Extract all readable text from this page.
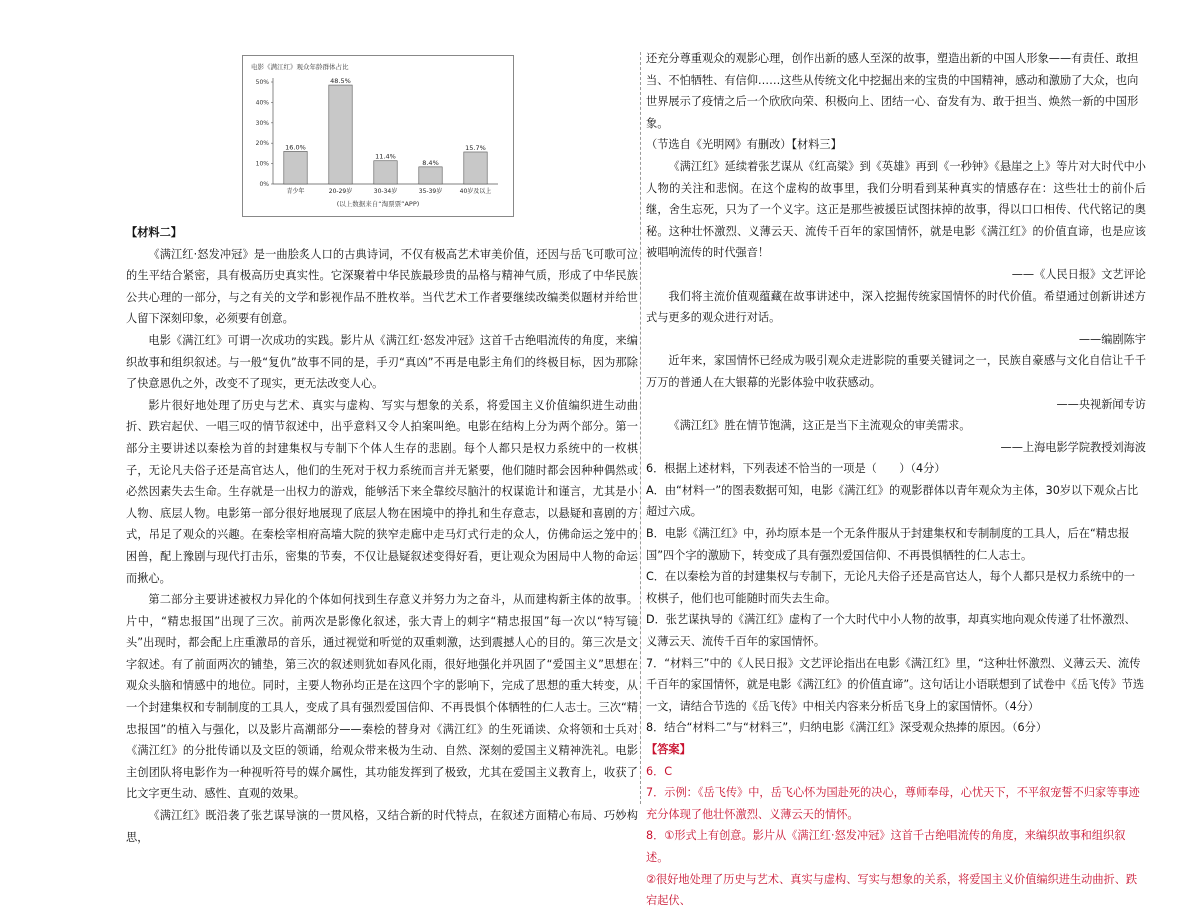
电影《满江红》观众年龄群体占比
0%
10%
20%
30%
40%
50%
16.0%
青少年
48.5%
20-29岁
11.4%
30-34岁
8.4%
35-39岁
15.7%
40岁及以上
(以上数据来自“淘票票”APP)

【材料二】

《满江红·怒发冲冠》是一曲脍炙人口的古典诗词，不仅有极高艺术审美价值，还因与岳飞可歌可泣的生平结合紧密，具有极高历史真实性。它深聚着中华民族最珍贵的品格与精神气质，形成了中华民族公共心理的一部分，与之有关的文学和影视作品不胜枚举。当代艺术工作者要继续改编类似题材并给世人留下深刻印象，必须要有创意。

电影《满江红》可谓一次成功的实践。影片从《满江红·怒发冲冠》这首千古绝唱流传的角度，来编织故事和组织叙述。与一般“复仇”故事不同的是，手刃“真凶”不再是电影主角们的终极目标，因为那除了快意恩仇之外，改变不了现实，更无法改变人心。

影片很好地处理了历史与艺术、真实与虚构、写实与想象的关系，将爱国主义价值编织进生动曲折、跌宕起伏、一唱三叹的情节叙述中，出乎意料又令人拍案叫绝。电影在结构上分为两个部分。第一部分主要讲述以秦桧为首的封建集权与专制下个体人生存的悲剧。每个人都只是权力系统中的一枚棋子，无论凡夫俗子还是高官达人，他们的生死对于权力系统而言并无紧要，他们随时都会因种种偶然或必然因素失去生命。生存就是一出权力的游戏，能够活下来全靠绞尽脑汁的权谋诡计和谨言，尤其是小人物、底层人物。电影第一部分很好地展现了底层人物在困境中的挣扎和生存意志，以悬疑和喜剧的方式，吊足了观众的兴趣。在秦桧宰相府高墙大院的狭窄走廊中走马灯式行走的众人，仿佛命运之笼中的困兽，配上豫剧与现代打击乐，密集的节奏，不仅让悬疑叙述变得好看，更让观众为困局中人物的命运而揪心。

第二部分主要讲述被权力异化的个体如何找到生存意义并努力为之奋斗，从而建构新主体的故事。片中，“精忠报国”出现了三次。前两次是影像化叙述，张大青上的刺字“精忠报国”每一次以“特写镜头”出现时，都会配上庄重激昂的音乐，通过视觉和听觉的双重刺激，达到震撼人心的目的。第三次是文字叙述。有了前面两次的铺垫，第三次的叙述则犹如春风化雨，很好地强化并巩固了“爱国主义”思想在观众头脑和情感中的地位。同时，主要人物孙均正是在这四个字的影响下，完成了思想的重大转变，从一个封建集权和专制制度的工具人，变成了具有强烈爱国信仰、不再畏惧个体牺牲的仁人志士。三次“精忠报国”的植入与强化，以及影片高潮部分——秦桧的替身对《满江红》的生死诵读、众将领和士兵对《满江红》的分批传诵以及文臣的领诵，给观众带来极为生动、自然、深刻的爱国主义精神洗礼。电影主创团队将电影作为一种视听符号的媒介属性，其功能发挥到了极致，尤其在爱国主义教育上，收获了比文字更生动、感性、直观的效果。

《满江红》既沿袭了张艺谋导演的一贯风格，又结合新的时代特点，在叙述方面精心布局、巧妙构思，

还充分尊重观众的观影心理，创作出新的感人至深的故事，塑造出新的中国人形象——有责任、敢担当、不怕牺牲、有信仰……这些从传统文化中挖掘出来的宝贵的中国精神，感动和激励了大众，也向世界展示了疫情之后一个欣欣向荣、积极向上、团结一心、奋发有为、敢于担当、焕然一新的中国形象。

（节选自《光明网》有删改）【材料三】

《满江红》延续着张艺谋从《红高粱》到《英雄》再到《一秒钟》《悬崖之上》等片对大时代中小人物的关注和悲悯。在这个虚构的故事里，我们分明看到某种真实的情感存在：这些壮士的前仆后继，舍生忘死，只为了一个义字。这正是那些被援臣试图抹掉的故事，得以口口相传、代代铭记的奥秘。这种壮怀激烈、义薄云天、流传千百年的家国情怀，就是电影《满江红》的价值直谛，也是应该被唱响流传的时代强音！

——《人民日报》文艺评论

我们将主流价值观蕴藏在故事讲述中，深入挖掘传统家国情怀的时代价值。希望通过创新讲述方式与更多的观众进行对话。

——编剧陈宇

近年来，家国情怀已经成为吸引观众走进影院的重要关键词之一，民族自豪感与文化自信让千千万万的普通人在大银幕的光影体验中收获感动。

——央视新闻专访

《满江红》胜在情节饱满，这正是当下主流观众的审美需求。

——上海电影学院教授刘海波

6．根据上述材料，下列表述不恰当的一项是（　　）（4分）

A．由“材料一”的图表数据可知，电影《满江红》的观影群体以青年观众为主体，30岁以下观众占比超过六成。

B．电影《满江红》中，孙均原本是一个无条件服从于封建集权和专制制度的工具人，后在“精忠报国”四个字的激励下，转变成了具有强烈爱国信仰、不再畏惧牺牲的仁人志士。

C．在以秦桧为首的封建集权与专制下，无论凡夫俗子还是高官达人，每个人都只是权力系统中的一枚棋子，他们也可能随时而失去生命。

D．张艺谋执导的《满江红》虚构了一个大时代中小人物的故事，却真实地向观众传递了壮怀激烈、义薄云天、流传千百年的家国情怀。

7．“材料三”中的《人民日报》文艺评论指出在电影《满江红》里，“这种壮怀激烈、义薄云天、流传千百年的家国情怀，就是电影《满江红》的价值直谛”。这句话让小语联想到了试卷中《岳飞传》节选一文，请结合节选的《岳飞传》中相关内容来分析岳飞身上的家国情怀。（4分）

8．结合“材料二”与“材料三”，归纳电影《满江红》深受观众热捧的原因。（6分）

【答案】

6．C

7．示例：《岳飞传》中，岳飞心怀为国赴死的决心，尊师奉母，心忧天下，不平叙宠誓不归家等事迹充分体现了他壮怀激烈、义薄云天的情怀。

8．①形式上有创意。影片从《满江红·怒发冲冠》这首千古绝唱流传的角度，来编织故事和组织叙述。

②很好地处理了历史与艺术、真实与虚构、写实与想象的关系，将爱国主义价值编织进生动曲折、跌宕起伏、
